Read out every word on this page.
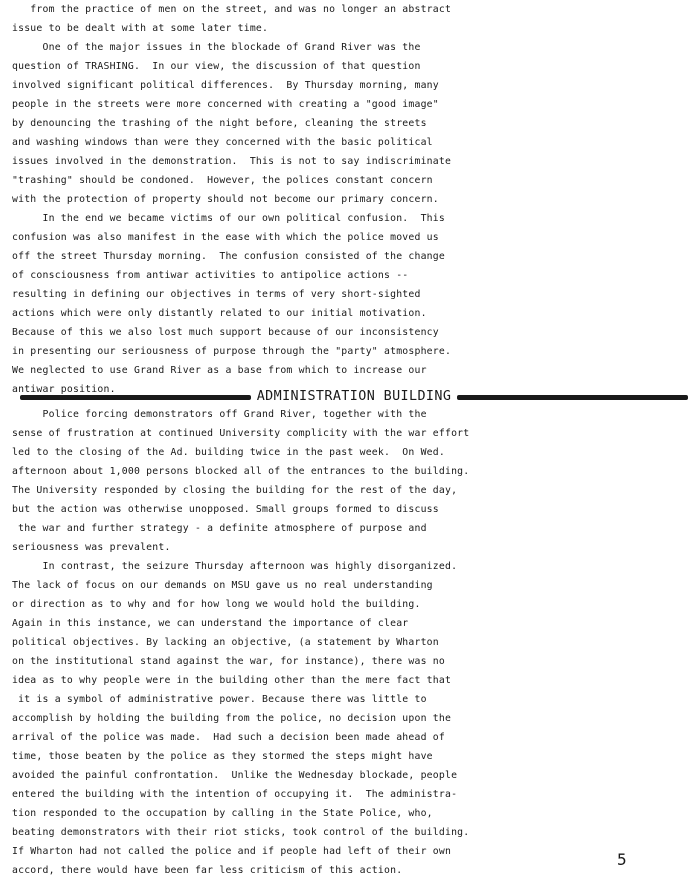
from the practice of men on the street, and was no longer an abstract
issue to be dealt with at some later time.
One of the major issues in the blockade of Grand River was the
question of TRASHING.  In our view, the discussion of that question
involved significant political differences.  By Thursday morning, many
people in the streets were more concerned with creating a "good image"
by denouncing the trashing of the night before, cleaning the streets
and washing windows than were they concerned with the basic political
issues involved in the demonstration.  This is not to say indiscriminate
"trashing" should be condoned.  However, the polices constant concern
with the protection of property should not become our primary concern.
In the end we became victims of our own political confusion.  This
confusion was also manifest in the ease with which the police moved us
off the street Thursday morning.  The confusion consisted of the change
of consciousness from antiwar activities to antipolice actions --
resulting in defining our objectives in terms of very short-sighted
actions which were only distantly related to our initial motivation.
Because of this we also lost much support because of our inconsistency
in presenting our seriousness of purpose through the "party" atmosphere.
We neglected to use Grand River as a base from which to increase our
antiwar position.	ADMINISTRATION BUILDING
Police forcing demonstrators off Grand River, together with the
sense of frustration at continued University complicity with the war effort
led to the closing of the Ad. building twice in the past week.  On Wed.
afternoon about 1,000 persons blocked all of the entrances to the building.
The University responded by closing the building for the rest of the day,
but the action was otherwise unopposed. Small groups formed to discuss
the war and further strategy - a definite atmosphere of purpose and
seriousness was prevalent.
In contrast, the seizure Thursday afternoon was highly disorganized.
The lack of focus on our demands on MSU gave us no real understanding
or direction as to why and for how long we would hold the building.
Again in this instance, we can understand the importance of clear
political objectives. By lacking an objective, (a statement by Wharton
on the institutional stand against the war, for instance), there was no
idea as to why people were in the building other than the mere fact that
it is a symbol of administrative power. Because there was little to
accomplish by holding the building from the police, no decision upon the
arrival of the police was made.  Had such a decision been made ahead of
time, those beaten by the police as they stormed the steps might have
avoided the painful confrontation.  Unlike the Wednesday blockade, people
entered the building with the intention of occupying it.  The administra-
tion responded to the occupation by calling in the State Police, who,
beating demonstrators with their riot sticks, took control of the building.
If Wharton had not called the police and if people had left of their own
accord, there would have been far less criticism of this action.
5
